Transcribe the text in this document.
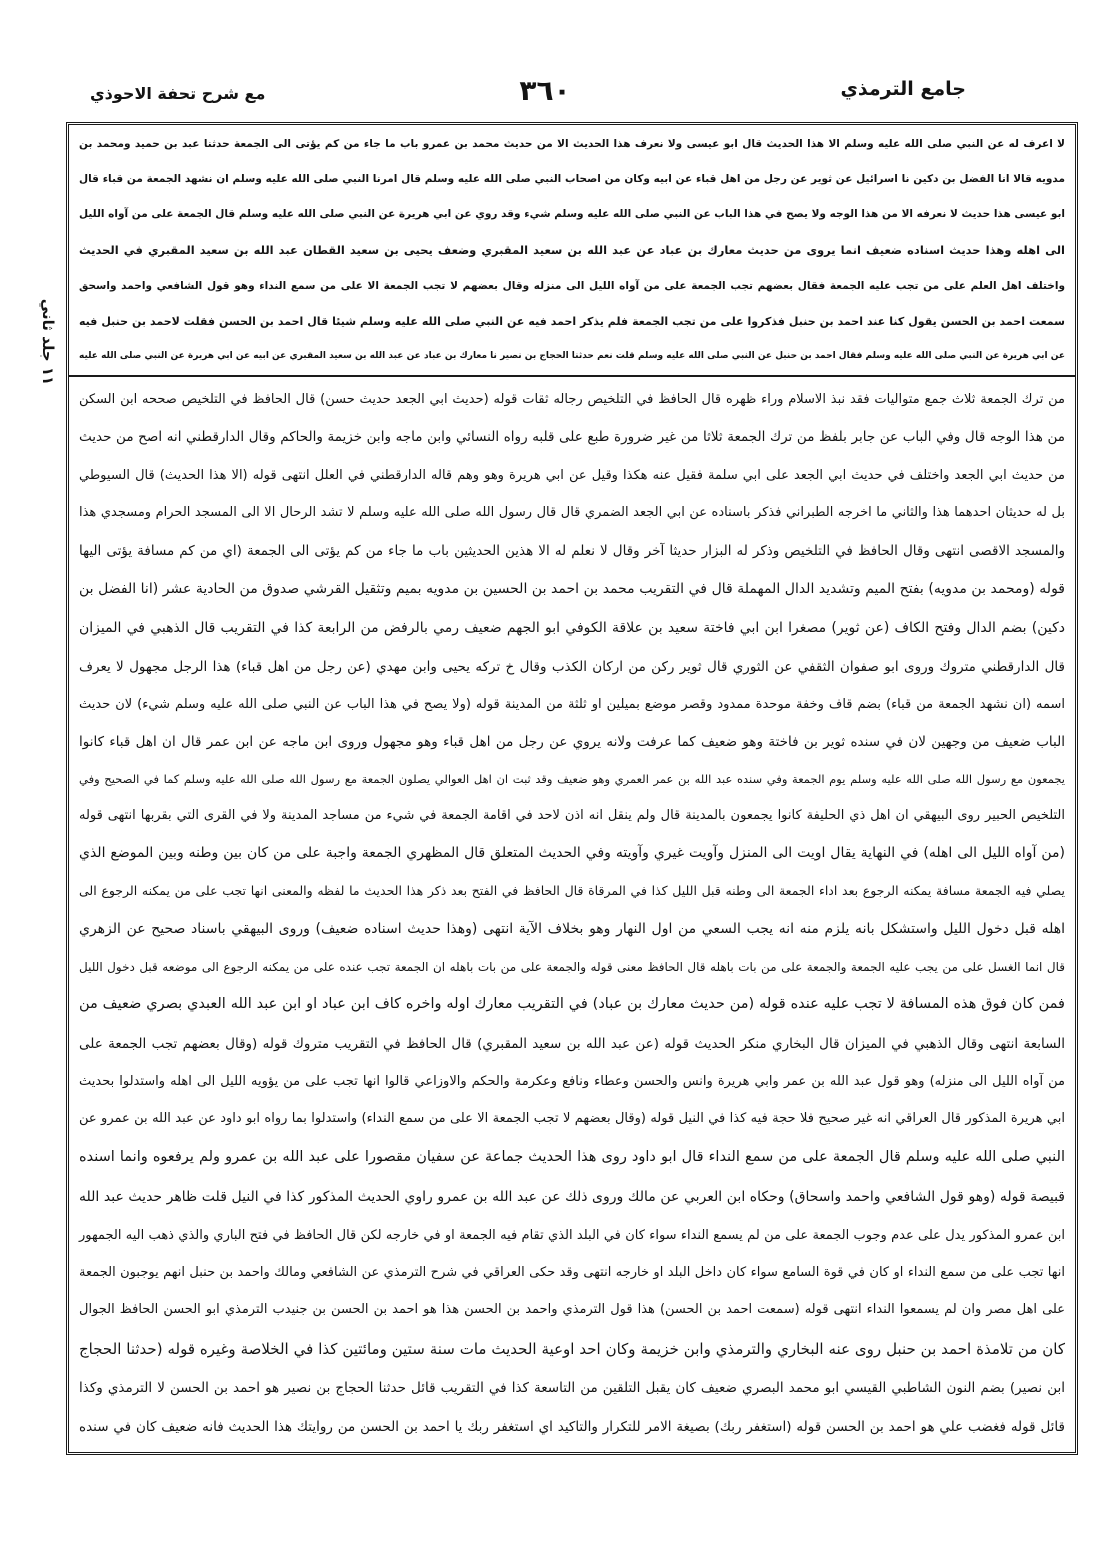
جامع الترمذي
٣٦٠
مع شرح تحفة الاحوذي
١١ جلد ثاني
لا اعرف له عن النبي صلى الله عليه وسلم الا هذا الحديث قال ابو عيسى ولا نعرف هذا الحديث الا من حديث محمد بن عمرو باب ما جاء من كم يؤتى الى الجمعة حدثنا عبد بن حميد ومحمد بن
مدويه قالا انا الفضل بن دكين نا اسرائيل عن ثوير عن رجل من اهل قباء عن ابيه وكان من اصحاب النبي صلى الله عليه وسلم قال امرنا النبي صلى الله عليه وسلم ان نشهد الجمعة من قباء قال
ابو عيسى هذا حديث لا نعرفه الا من هذا الوجه ولا يصح في هذا الباب عن النبي صلى الله عليه وسلم شيء وقد روي عن ابي هريرة عن النبي صلى الله عليه وسلم قال الجمعة على من آواه الليل
الى اهله وهذا حديث اسناده ضعيف انما يروى من حديث معارك بن عباد عن عبد الله بن سعيد المقبري وضعف يحيى بن سعيد القطان عبد الله بن سعيد المقبري في الحديث
واختلف اهل العلم على من تجب عليه الجمعة فقال بعضهم تجب الجمعة على من آواه الليل الى منزله وقال بعضهم لا تجب الجمعة الا على من سمع النداء وهو قول الشافعي واحمد واسحق
سمعت احمد بن الحسن يقول كنا عند احمد بن حنبل فذكروا على من تجب الجمعة فلم يذكر احمد فيه عن النبي صلى الله عليه وسلم شيئا قال احمد بن الحسن فقلت لاحمد بن حنبل فيه
عن ابي هريرة عن النبي صلى الله عليه وسلم فقال احمد بن حنبل عن النبي صلى الله عليه وسلم قلت نعم حدثنا الحجاج بن نصير نا معارك بن عباد عن عبد الله بن سعيد المقبري عن ابيه عن ابي هريرة عن النبي صلى الله عليه
من ترك الجمعة ثلاث جمع متواليات فقد نبذ الاسلام وراء ظهره قال الحافظ في التلخيص رجاله ثقات قوله (حديث ابي الجعد حديث حسن) قال الحافظ في التلخيص صححه ابن السكن
من هذا الوجه قال وفي الباب عن جابر بلفظ من ترك الجمعة ثلاثا من غير ضرورة طبع على قلبه رواه النسائي وابن ماجه وابن خزيمة والحاكم وقال الدارقطني انه اصح من حديث
من حديث ابي الجعد واختلف في حديث ابي الجعد على ابي سلمة فقيل عنه هكذا وقيل عن ابي هريرة وهو وهم قاله الدارقطني في العلل انتهى قوله (الا هذا الحديث) قال السيوطي
بل له حديثان احدهما هذا والثاني ما اخرجه الطبراني فذكر باسناده عن ابي الجعد الضمري قال قال رسول الله صلى الله عليه وسلم لا تشد الرحال الا الى المسجد الحرام ومسجدي هذا
والمسجد الاقصى انتهى وقال الحافظ في التلخيص وذكر له البزار حديثا آخر وقال لا نعلم له الا هذين الحديثين باب ما جاء من كم يؤتى الى الجمعة (اي من كم مسافة يؤتى اليها
قوله (ومحمد بن مدويه) بفتح الميم وتشديد الدال المهملة قال في التقريب محمد بن احمد بن الحسين بن مدويه بميم وتثقيل القرشي صدوق من الحادية عشر (انا الفضل بن
دكين) بضم الدال وفتح الكاف (عن ثوير) مصغرا ابن ابي فاختة سعيد بن علاقة الكوفي ابو الجهم ضعيف رمي بالرفض من الرابعة كذا في التقريب قال الذهبي في الميزان
قال الدارقطني متروك وروى ابو صفوان الثقفي عن الثوري قال ثوير ركن من اركان الكذب وقال خ تركه يحيى وابن مهدي (عن رجل من اهل قباء) هذا الرجل مجهول لا يعرف
اسمه (ان نشهد الجمعة من قباء) بضم قاف وخفة موحدة ممدود وقصر موضع بميلين او ثلثة من المدينة قوله (ولا يصح في هذا الباب عن النبي صلى الله عليه وسلم شيء) لان حديث
الباب ضعيف من وجهين لان في سنده ثوير بن فاختة وهو ضعيف كما عرفت ولانه يروي عن رجل من اهل قباء وهو مجهول وروى ابن ماجه عن ابن عمر قال ان اهل قباء كانوا
يجمعون مع رسول الله صلى الله عليه وسلم يوم الجمعة وفي سنده عبد الله بن عمر العمري وهو ضعيف وقد ثبت ان اهل العوالي يصلون الجمعة مع رسول الله صلى الله عليه وسلم كما في الصحيح وفي
التلخيص الحبير روى البيهقي ان اهل ذي الحليفة كانوا يجمعون بالمدينة قال ولم ينقل انه اذن لاحد في اقامة الجمعة في شيء من مساجد المدينة ولا في القرى التي بقربها انتهى قوله
(من آواه الليل الى اهله) في النهاية يقال اويت الى المنزل وآويت غيري وآويته وفي الحديث المتعلق قال المظهري الجمعة واجبة على من كان بين وطنه وبين الموضع الذي
يصلي فيه الجمعة مسافة يمكنه الرجوع بعد اداء الجمعة الى وطنه قبل الليل كذا في المرقاة قال الحافظ في الفتح بعد ذكر هذا الحديث ما لفظه والمعنى انها تجب على من يمكنه الرجوع الى
اهله قبل دخول الليل واستشكل بانه يلزم منه انه يجب السعي من اول النهار وهو بخلاف الآية انتهى (وهذا حديث اسناده ضعيف) وروى البيهقي باسناد صحيح عن الزهري
قال انما الغسل على من يجب عليه الجمعة والجمعة على من بات باهله قال الحافظ معنى قوله والجمعة على من بات باهله ان الجمعة تجب عنده على من يمكنه الرجوع الى موضعه قبل دخول الليل
فمن كان فوق هذه المسافة لا تجب عليه عنده قوله (من حديث معارك بن عباد) في التقريب معارك اوله واخره كاف ابن عباد او ابن عبد الله العبدي بصري ضعيف من
السابعة انتهى وقال الذهبي في الميزان قال البخاري منكر الحديث قوله (عن عبد الله بن سعيد المقبري) قال الحافظ في التقريب متروك قوله (وقال بعضهم تجب الجمعة على
من آواه الليل الى منزله) وهو قول عبد الله بن عمر وابي هريرة وانس والحسن وعطاء ونافع وعكرمة والحكم والاوزاعي قالوا انها تجب على من يؤويه الليل الى اهله واستدلوا بحديث
ابي هريرة المذكور قال العراقي انه غير صحيح فلا حجة فيه كذا في النيل قوله (وقال بعضهم لا تجب الجمعة الا على من سمع النداء) واستدلوا بما رواه ابو داود عن عبد الله بن عمرو عن
النبي صلى الله عليه وسلم قال الجمعة على من سمع النداء قال ابو داود روى هذا الحديث جماعة عن سفيان مقصورا على عبد الله بن عمرو ولم يرفعوه وانما اسنده
قبيصة قوله (وهو قول الشافعي واحمد واسحاق) وحكاه ابن العربي عن مالك وروى ذلك عن عبد الله بن عمرو راوي الحديث المذكور كذا في النيل قلت ظاهر حديث عبد الله
ابن عمرو المذكور يدل على عدم وجوب الجمعة على من لم يسمع النداء سواء كان في البلد الذي تقام فيه الجمعة او في خارجه لكن قال الحافظ في فتح الباري والذي ذهب اليه الجمهور
انها تجب على من سمع النداء او كان في قوة السامع سواء كان داخل البلد او خارجه انتهى وقد حكى العراقي في شرح الترمذي عن الشافعي ومالك واحمد بن حنبل انهم يوجبون الجمعة
على اهل مصر وان لم يسمعوا النداء انتهى قوله (سمعت احمد بن الحسن) هذا قول الترمذي واحمد بن الحسن هذا هو احمد بن الحسن بن جنيدب الترمذي ابو الحسن الحافظ الجوال
كان من تلامذة احمد بن حنبل روى عنه البخاري والترمذي وابن خزيمة وكان احد اوعية الحديث مات سنة ستين ومائتين كذا في الخلاصة وغيره قوله (حدثنا الحجاج
ابن نصير) بضم النون الشاطبي القيسي ابو محمد البصري ضعيف كان يقبل التلقين من التاسعة كذا في التقريب قائل حدثنا الحجاج بن نصير هو احمد بن الحسن لا الترمذي وكذا
قائل قوله فغضب علي هو احمد بن الحسن قوله (استغفر ربك) بصيغة الامر للتكرار والتاكيد اي استغفر ربك يا احمد بن الحسن من روايتك هذا الحديث فانه ضعيف كان في سنده
